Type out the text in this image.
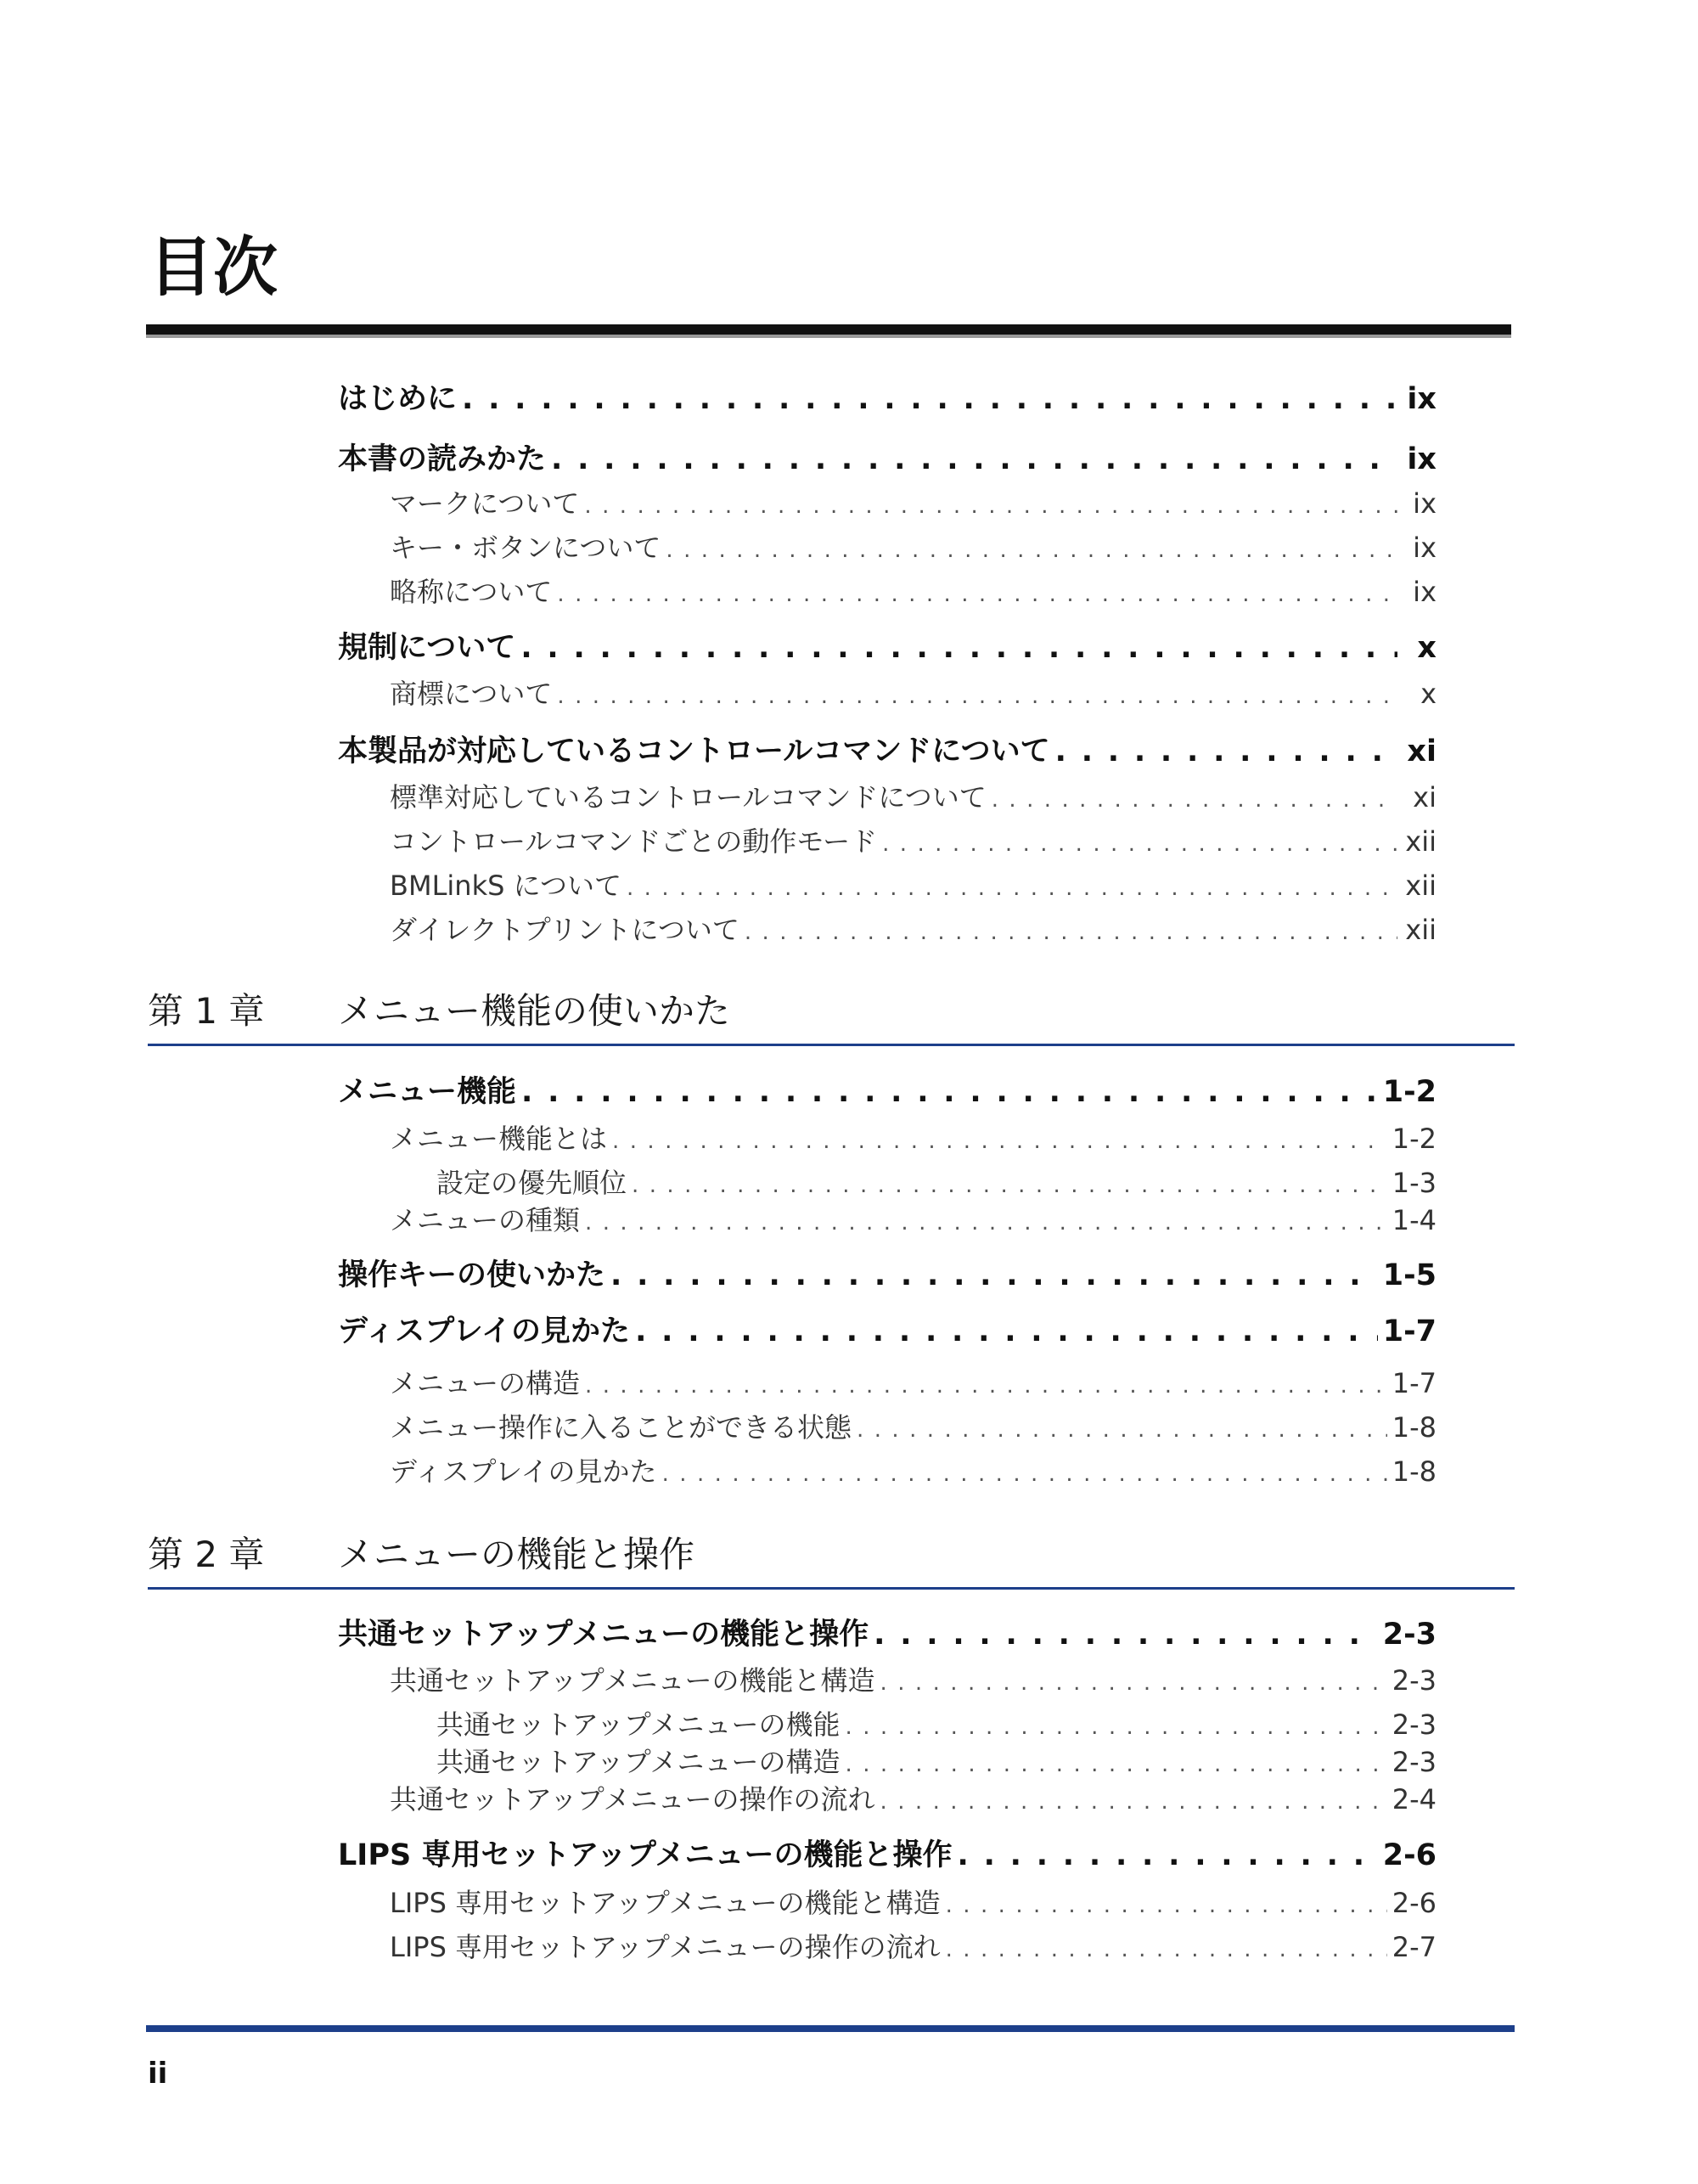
目次
はじめに . . .	ix
本書の読みかた . . .	ix
マークについて . . .	ix
キー・ボタンについて . . .	ix
略称について . . .	ix
規制について . . .	x
商標について . . .	x
本製品が対応しているコントロールコマンドについて . . .	xi
標準対応しているコントロールコマンドについて . . .	xi
コントロールコマンドごとの動作モード . . .	xii
BMLinkS について . . .	xii
ダイレクトプリントについて . . .	xii
第 1 章 メニュー機能の使いかた
メニュー機能 . . .	1-2
メニュー機能とは . . .	1-2
設定の優先順位 . . .	1-3
メニューの種類 . . .	1-4
操作キーの使いかた . . .	1-5
ディスプレイの見かた . . .	1-7
メニューの構造 . . .	1-7
メニュー操作に入ることができる状態 . . .	1-8
ディスプレイの見かた . . .	1-8
第 2 章 メニューの機能と操作
共通セットアップメニューの機能と操作 . . .	2-3
共通セットアップメニューの機能と構造 . . .	2-3
共通セットアップメニューの機能 . . .	2-3
共通セットアップメニューの構造 . . .	2-3
共通セットアップメニューの操作の流れ . . .	2-4
LIPS 専用セットアップメニューの機能と操作 . . .	2-6
LIPS 専用セットアップメニューの機能と構造 . . .	2-6
LIPS 専用セットアップメニューの操作の流れ . . .	2-7
ii
